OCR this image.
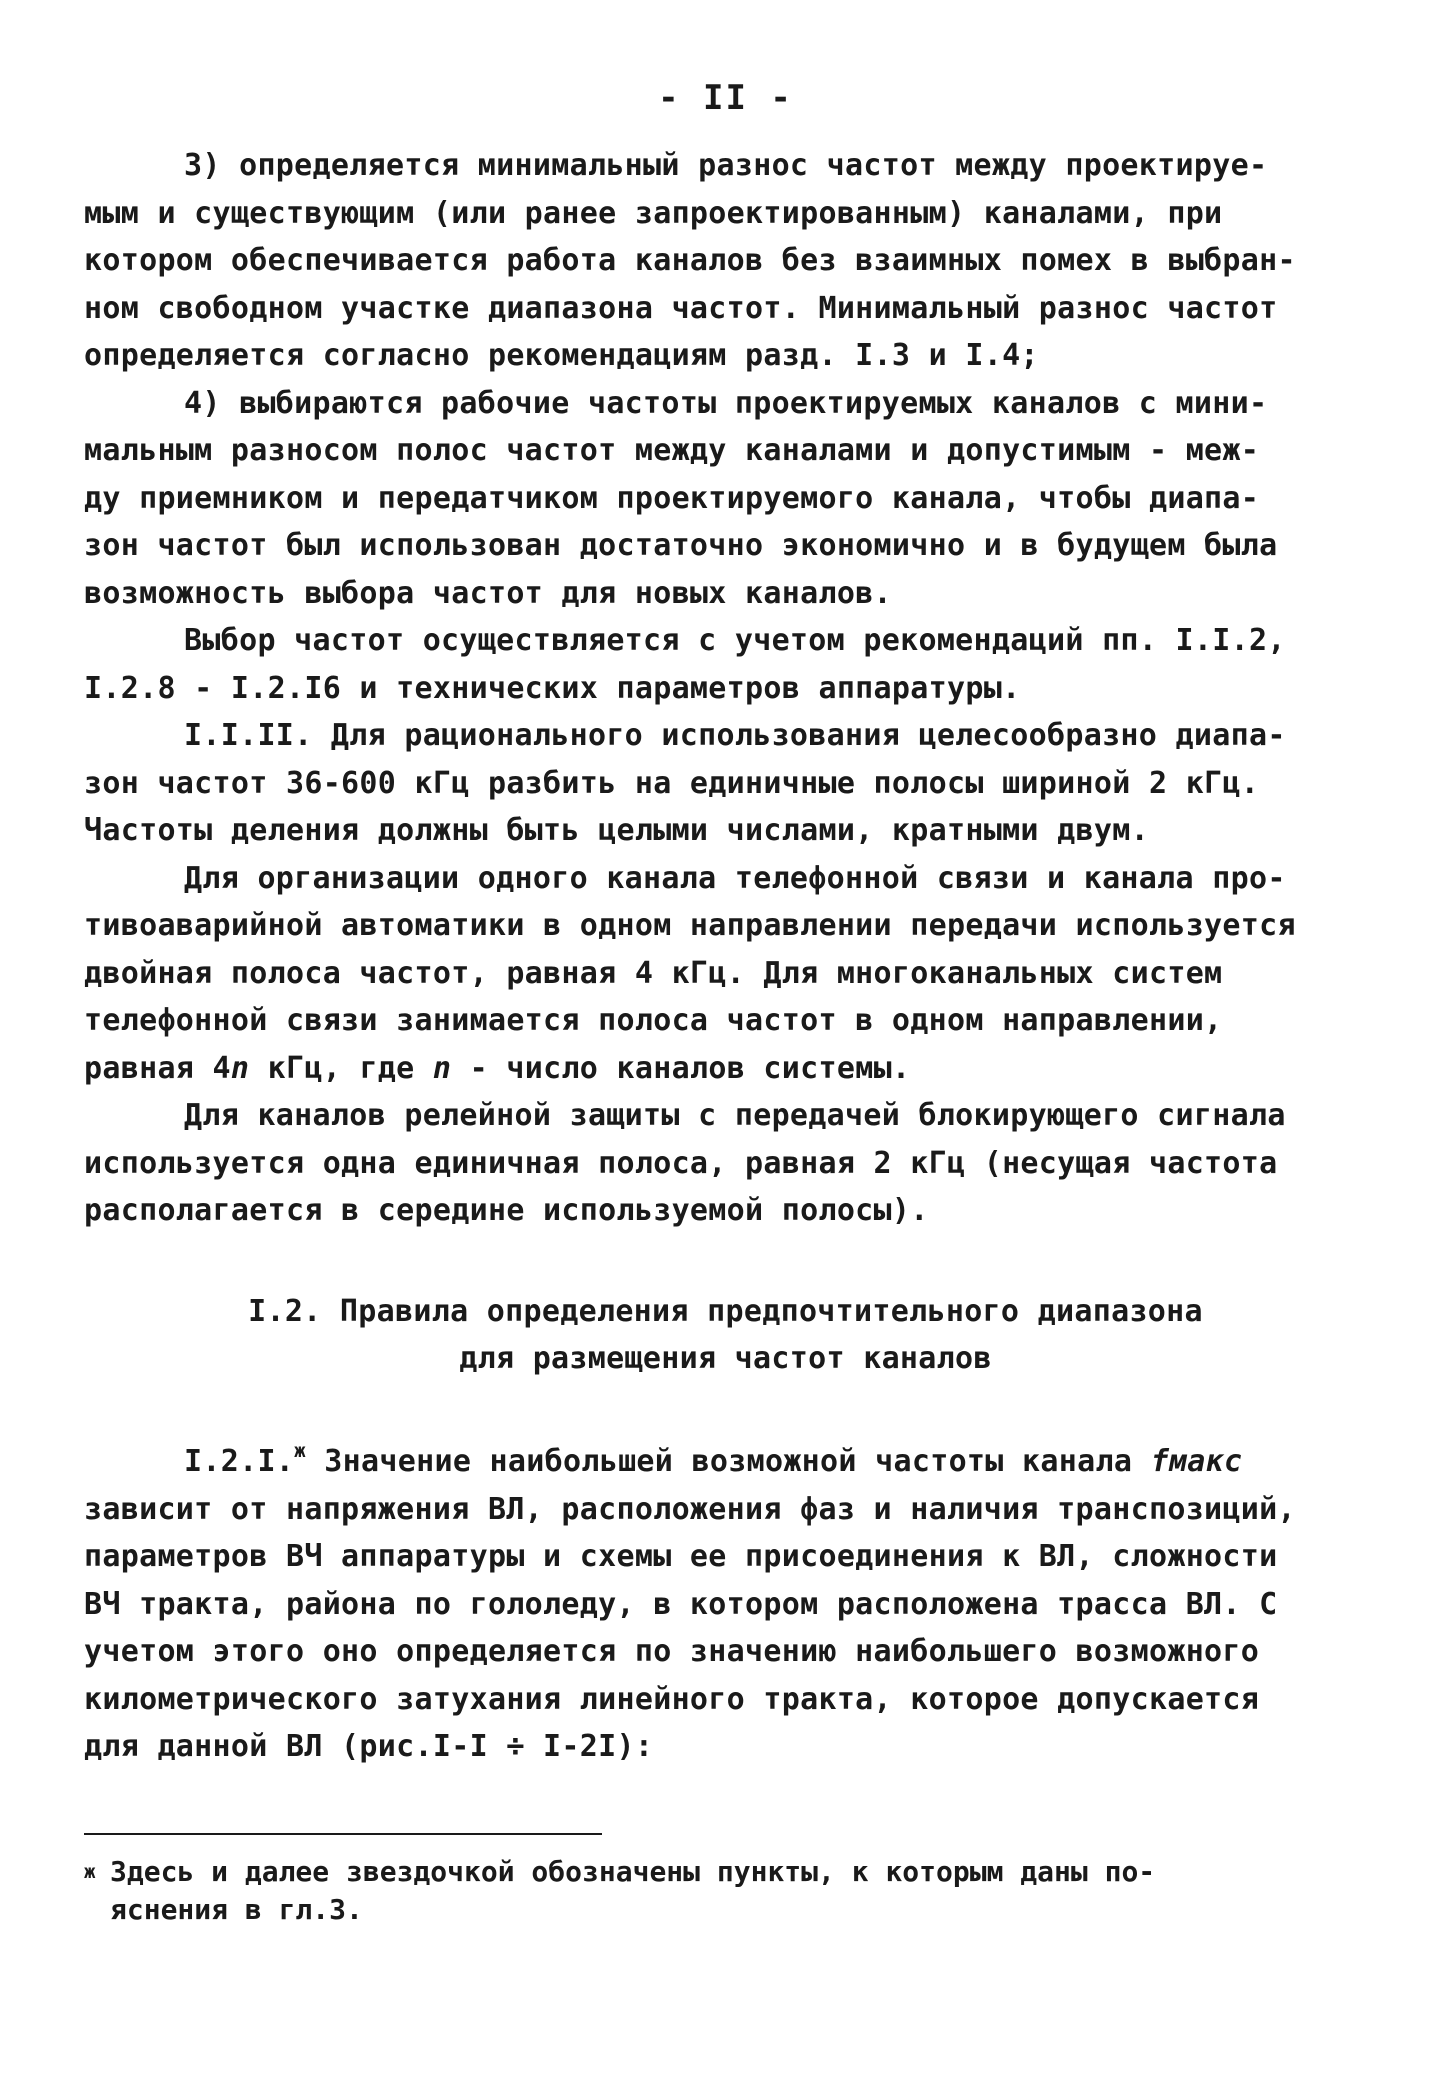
- II -
3) определяется минимальный разнос частот между проектируе-
мым и существующим (или ранее запроектированным) каналами, при
котором обеспечивается работа каналов без взаимных помех в выбран-
ном свободном участке диапазона частот. Минимальный разнос частот
определяется согласно рекомендациям разд. I.3 и I.4;
4) выбираются рабочие частоты проектируемых каналов с мини-
мальным разносом полос частот между каналами и допустимым - меж-
ду приемником и передатчиком проектируемого канала, чтобы диапа-
зон частот был использован достаточно экономично и в будущем была
возможность выбора частот для новых каналов.
Выбор частот осуществляется с учетом рекомендаций пп. I.I.2,
I.2.8 - I.2.I6 и технических параметров аппаратуры.
I.I.II. Для рационального использования целесообразно диапа-
зон частот 36-600 кГц разбить на единичные полосы шириной 2 кГц.
Частоты деления должны быть целыми числами, кратными двум.
Для организации одного канала телефонной связи и канала про-
тивоаварийной автоматики в одном направлении передачи используется
двойная полоса частот, равная 4 кГц. Для многоканальных систем
телефонной связи занимается полоса частот в одном направлении,
равная 4n кГц, где n - число каналов системы.
Для каналов релейной защиты с передачей блокирующего сигнала
используется одна единичная полоса, равная 2 кГц (несущая частота
располагается в середине используемой полосы).
I.2. Правила определения предпочтительного диапазона
для размещения частот каналов
I.2.I.$^ж$ Значение наибольшей возможной частоты канала fмакс
зависит от напряжения ВЛ, расположения фаз и наличия транспозиций,
параметров ВЧ аппаратуры и схемы ее присоединения к ВЛ, сложности
ВЧ тракта, района по гололеду, в котором расположена трасса ВЛ. С
учетом этого оно определяется по значению наибольшего возможного
километрического затухания линейного тракта, которое допускается
для данной ВЛ (рис.I-I ÷ I-2I):
ж Здесь и далее звездочкой обозначены пункты, к которым даны по-
яснения в гл.3.
